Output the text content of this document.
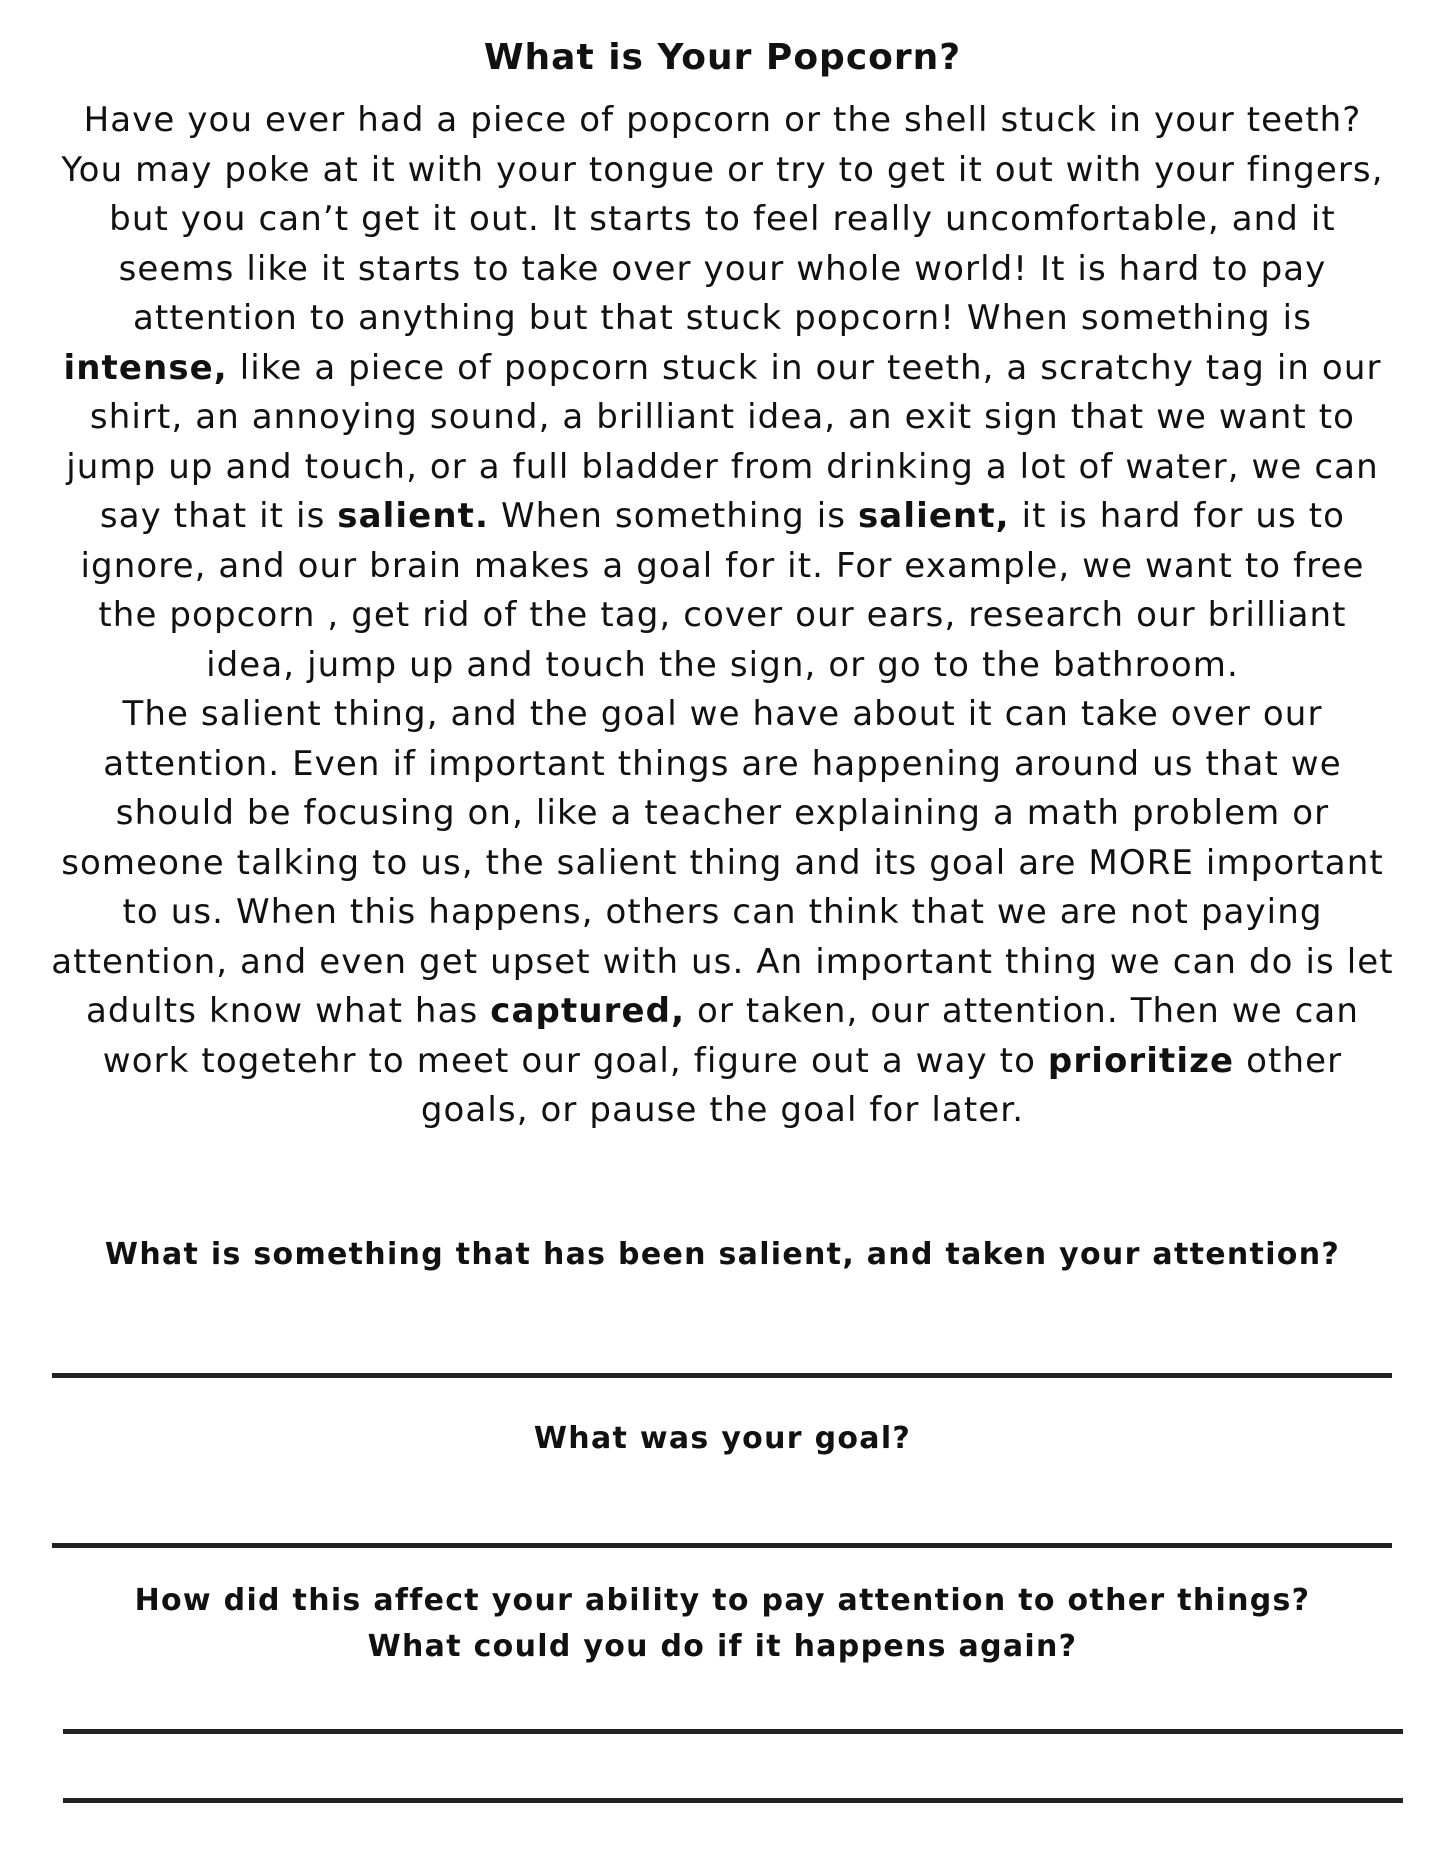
What is Your Popcorn?

Have you ever had a piece of popcorn or the shell stuck in your teeth? You may poke at it with your tongue or try to get it out with your fingers, but you can’t get it out. It starts to feel really uncomfortable, and it seems like it starts to take over your whole world! It is hard to pay attention to anything but that stuck popcorn! When something is intense, like a piece of popcorn stuck in our teeth, a scratchy tag in our shirt, an annoying sound, a brilliant idea, an exit sign that we want to jump up and touch, or a full bladder from drinking a lot of water, we can say that it is salient. When something is salient, it is hard for us to ignore, and our brain makes a goal for it. For example, we want to free the popcorn , get rid of the tag, cover our ears, research our brilliant idea, jump up and touch the sign, or go to the bathroom.

The salient thing, and the goal we have about it can take over our attention. Even if important things are happening around us that we should be focusing on, like a teacher explaining a math problem or someone talking to us, the salient thing and its goal are MORE important to us. When this happens, others can think that we are not paying attention, and even get upset with us. An important thing we can do is let adults know what has captured, or taken, our attention. Then we can work togetehr to meet our goal, figure out a way to prioritize other goals, or pause the goal for later.

What is something that has been salient, and taken your attention?
What was your goal?
How did this affect your ability to pay attention to other things?
What could you do if it happens again?
